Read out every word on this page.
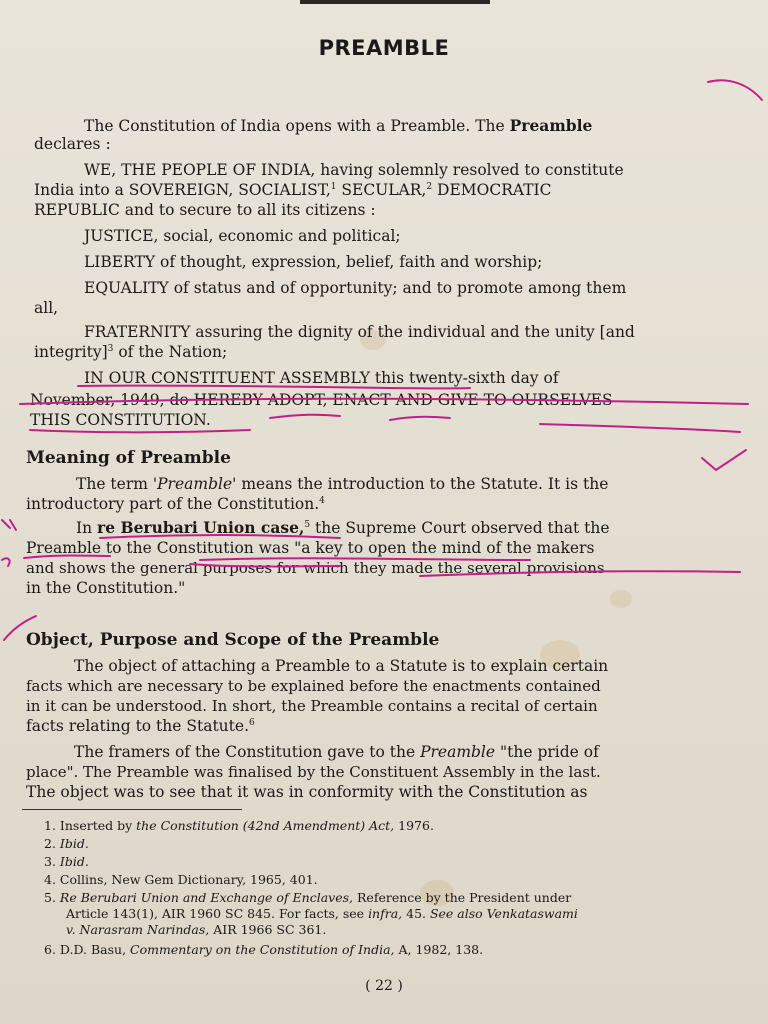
PREAMBLE
The Constitution of India opens with a Preamble. The Preamble
declares :
WE, THE PEOPLE OF INDIA, having solemnly resolved to constitute
India into a SOVEREIGN, SOCIALIST,$^1$ SECULAR,$^2$ DEMOCRATIC
REPUBLIC and to secure to all its citizens :
JUSTICE, social, economic and political;
LIBERTY of thought, expression, belief, faith and worship;
EQUALITY of status and of opportunity; and to promote among them
all,
FRATERNITY assuring the dignity of the individual and the unity [and
integrity]$^3$ of the Nation;
IN OUR CONSTITUENT ASSEMBLY this twenty-sixth day of
November, 1949, do HEREBY ADOPT, ENACT AND GIVE TO OURSELVES
THIS CONSTITUTION.
Meaning of Preamble
The term 'Preamble' means the introduction to the Statute. It is the
introductory part of the Constitution.$^4$
In re Berubari Union case,$^5$ the Supreme Court observed that the
Preamble to the Constitution was "a key to open the mind of the makers
and shows the general purposes for which they made the several provisions
in the Constitution."
Object, Purpose and Scope of the Preamble
The object of attaching a Preamble to a Statute is to explain certain
facts which are necessary to be explained before the enactments contained
in it can be understood. In short, the Preamble contains a recital of certain
facts relating to the Statute.$^6$
The framers of the Constitution gave to the Preamble "the pride of
place". The Preamble was finalised by the Constituent Assembly in the last.
The object was to see that it was in conformity with the Constitution as
1. Inserted by the Constitution (42nd Amendment) Act, 1976.
2. Ibid.
3. Ibid.
4. Collins, New Gem Dictionary, 1965, 401.
5. Re Berubari Union and Exchange of Enclaves, Reference by the President under
Article 143(1), AIR 1960 SC 845. For facts, see infra, 45. See also Venkataswami
v. Narasram Narindas, AIR 1966 SC 361.
6. D.D. Basu, Commentary on the Constitution of India, A, 1982, 138.
( 22 )
